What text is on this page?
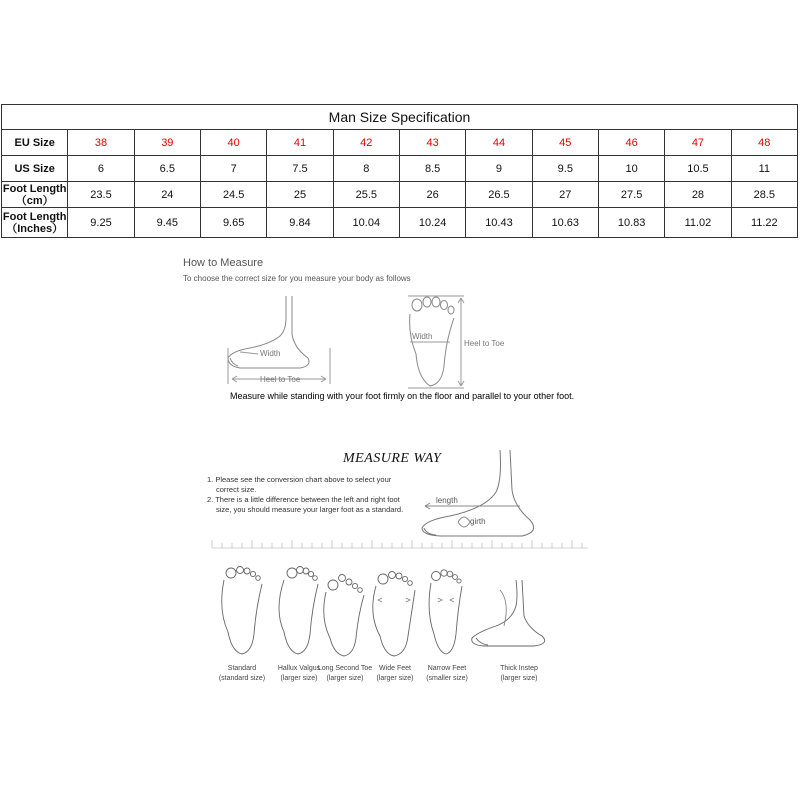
Man Size Specification											
EU Size	38	39	40	41	42	43	44	45	46	47	48
US Size	6	6.5	7	7.5	8	8.5	9	9.5	10	10.5	11

Foot Length
（cm）	23.5	24	24.5	25	25.5	26	26.5	27	27.5	28	28.5

Foot Length
（Inches）	9.25	9.45	9.65	9.84	10.04	10.24	10.43	10.63	10.83	11.02	11.22
Width
Heel to Toe
Width
Heel to Toe
How to Measure
To choose the correct size for you measure your body as follows
Measure while standing with your foot firmly on the floor and parallel to your other foot.
length
girth
MEASURE WAY
1. Please see the conversion chart above to select your correct size.
2. There is a little difference between the left and right foot size, you should measure your larger foot as a standard.
Standard
(standard size)
Hallux Valgus
(larger size)
Long Second Toe
(larger size)
Wide Feet
(larger size)
Narrow Feet
(smaller size)
Thick Instep
(larger size)
